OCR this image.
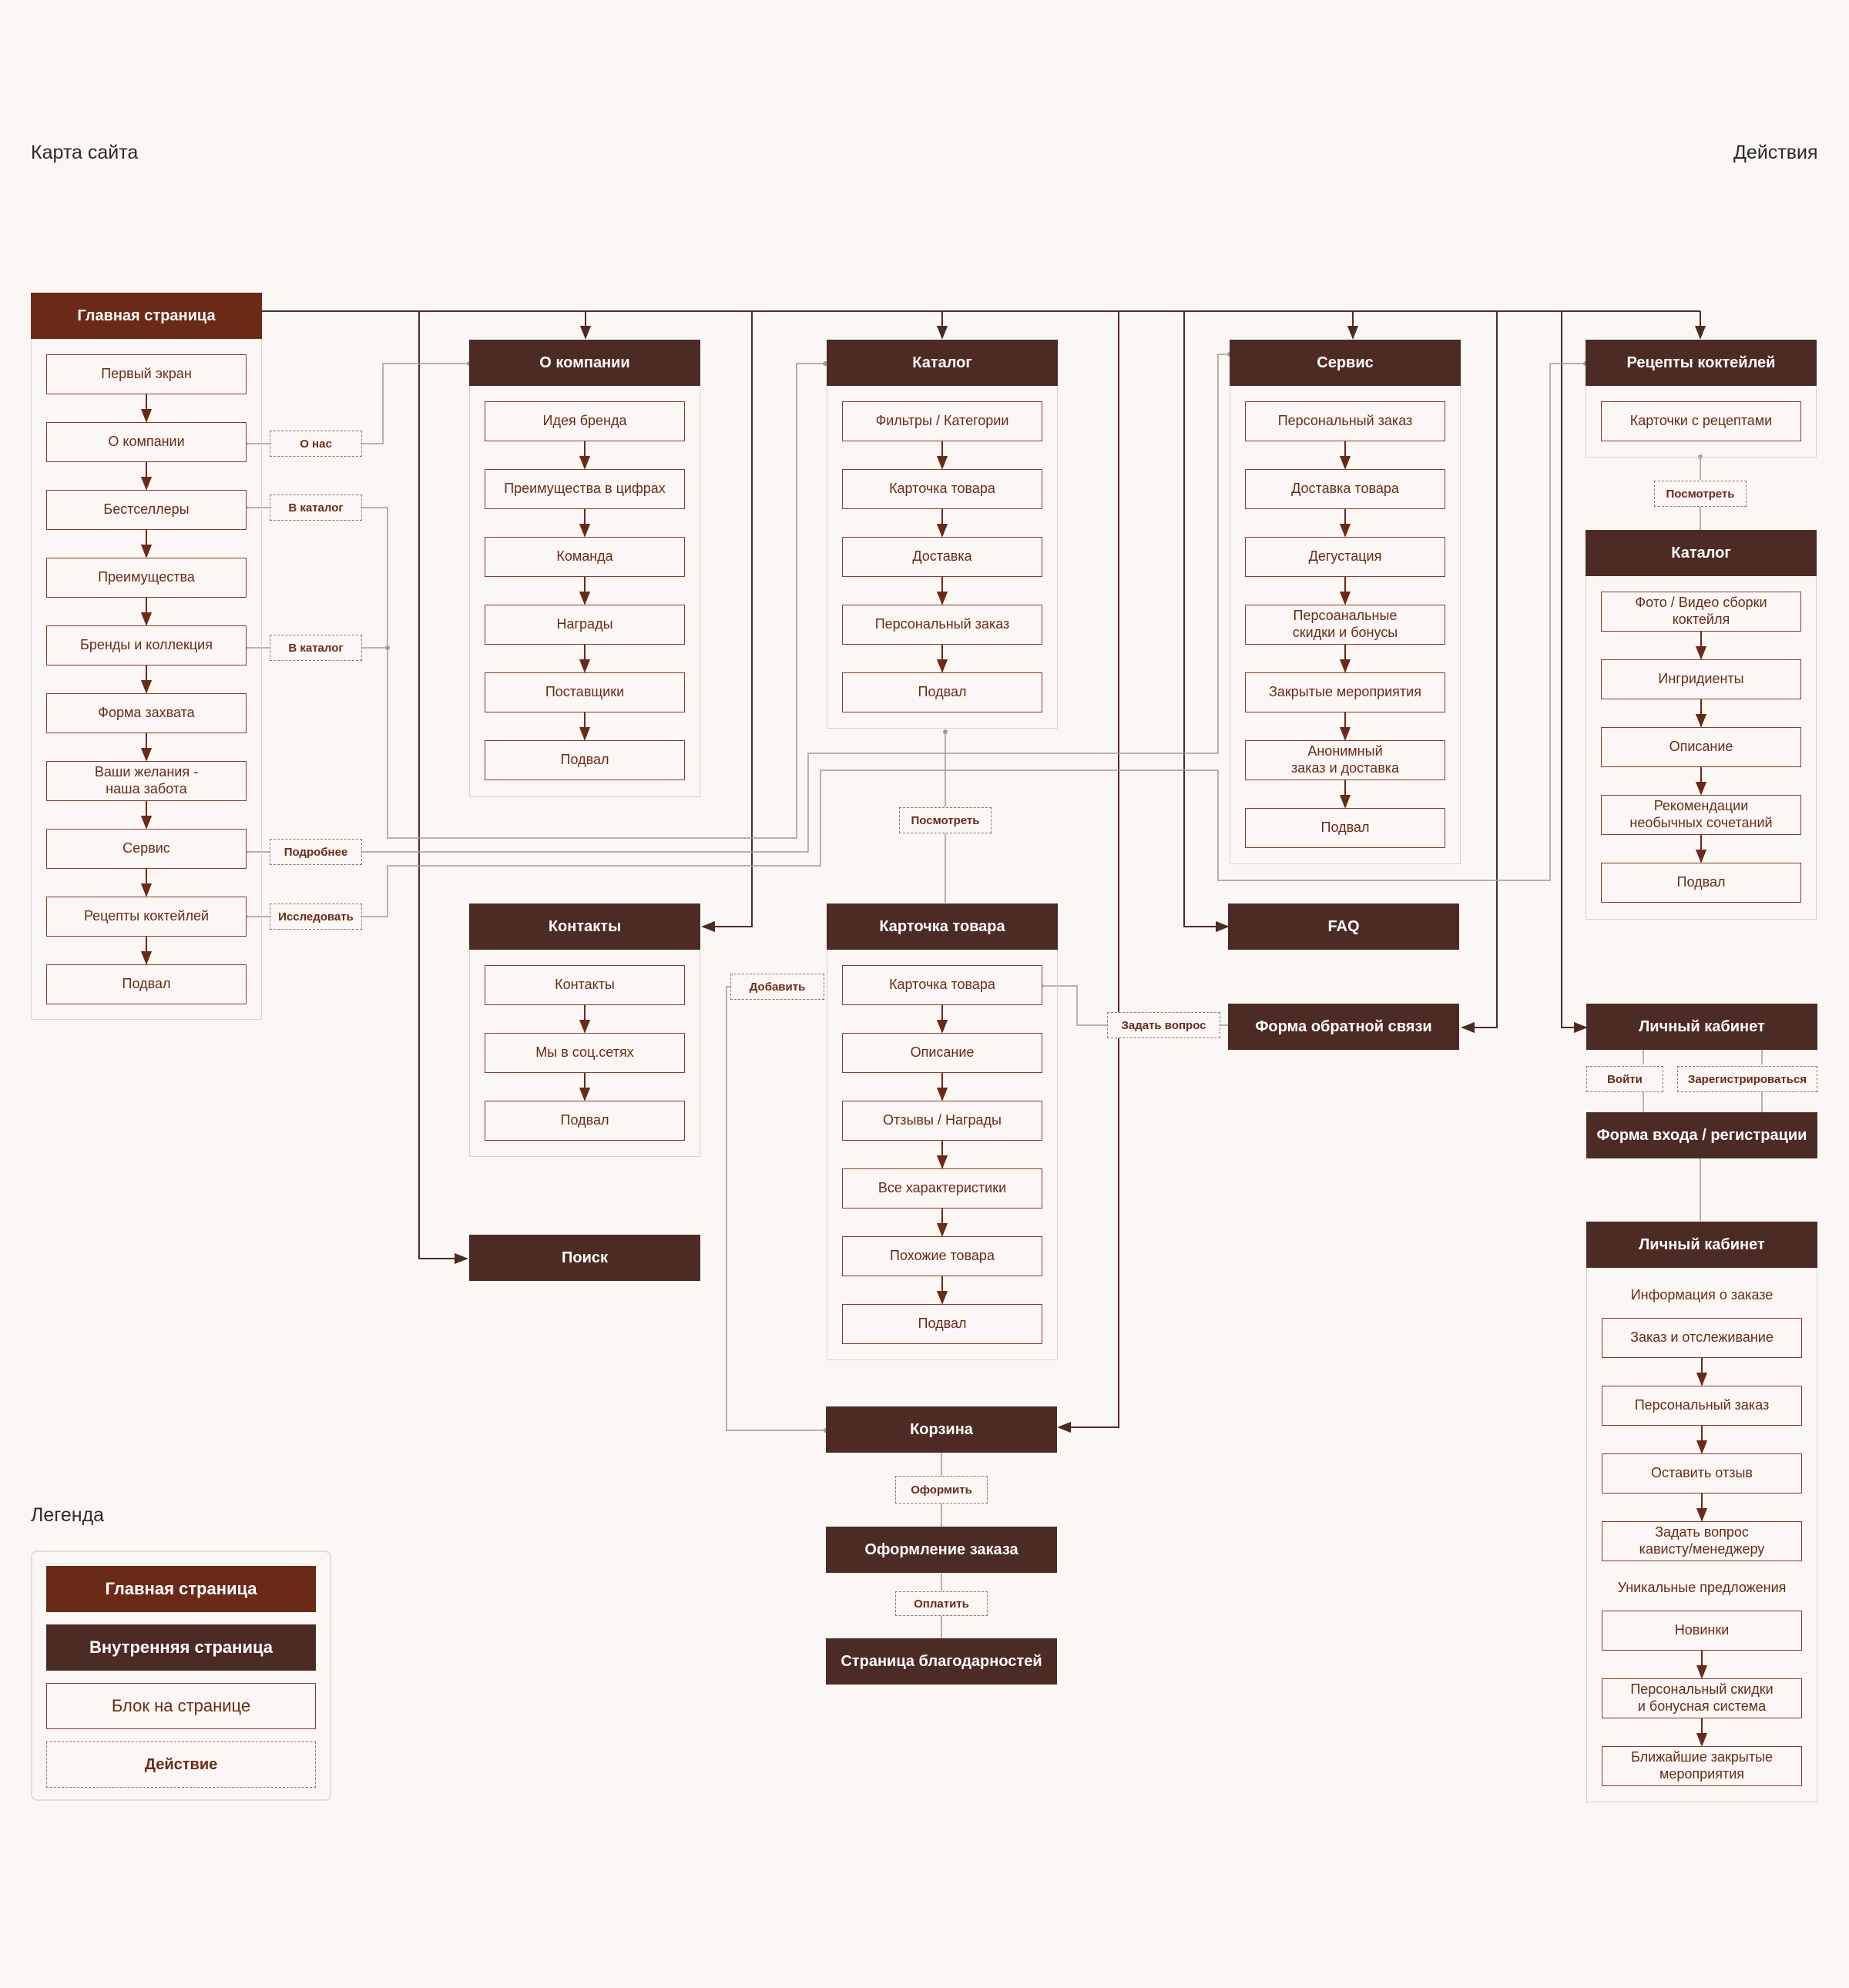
Карта сайта	Действия
Легенда
Главная страница
Первый экран
О компании
Бестселлеры
Преимущества
Бренды и коллекция
Форма захвата
Ваши желания -
наша забота
Сервис
Рецепты коктейлей
Подвал
О нас
В каталог
В каталог
Подробнее
Исследовать
О компании
Идея бренда
Преимущества в цифрах
Команда
Награды
Поставщики
Подвал
Каталог
Фильтры / Категории
Карточка товара
Доставка
Персональный заказ
Подвал
Посмотреть
Сервис
Персональный заказ
Доставка товара
Дегустация
Персоанальные
скидки и бонусы
Закрытые мероприятия
Анонимный
заказ и доставка
Подвал
Рецепты коктейлей
Карточки с рецептами
Посмотреть
Каталог
Фото / Видео сборки
коктейля
Ингридиенты
Описание
Рекомендации
необычных сочетаний
Подвал
Контакты
Контакты
Мы в соц.сетях
Подвал
Поиск
Карточка товара
Карточка товара
Описание
Отзывы / Награды
Все характеристики
Похожие товара
Подвал
Добавить
Задать вопрос
FAQ
Форма обратной связи
Корзина
Оформить
Оформление заказа
Оплатить
Страница благодарностей
Личный кабинет
Войти	Зарегистрироваться
Форма входа / регистрации
Личный кабинет
Информация о заказе
Заказ и отслеживание
Персональный заказ
Оставить отзыв
Задать вопрос
кависту/менеджеру
Уникальные предложения
Новинки
Персональный скидки
и бонусная система
Ближайшие закрытые
мероприятия
Главная страница
Внутренняя страница
Блок на странице
Действие
